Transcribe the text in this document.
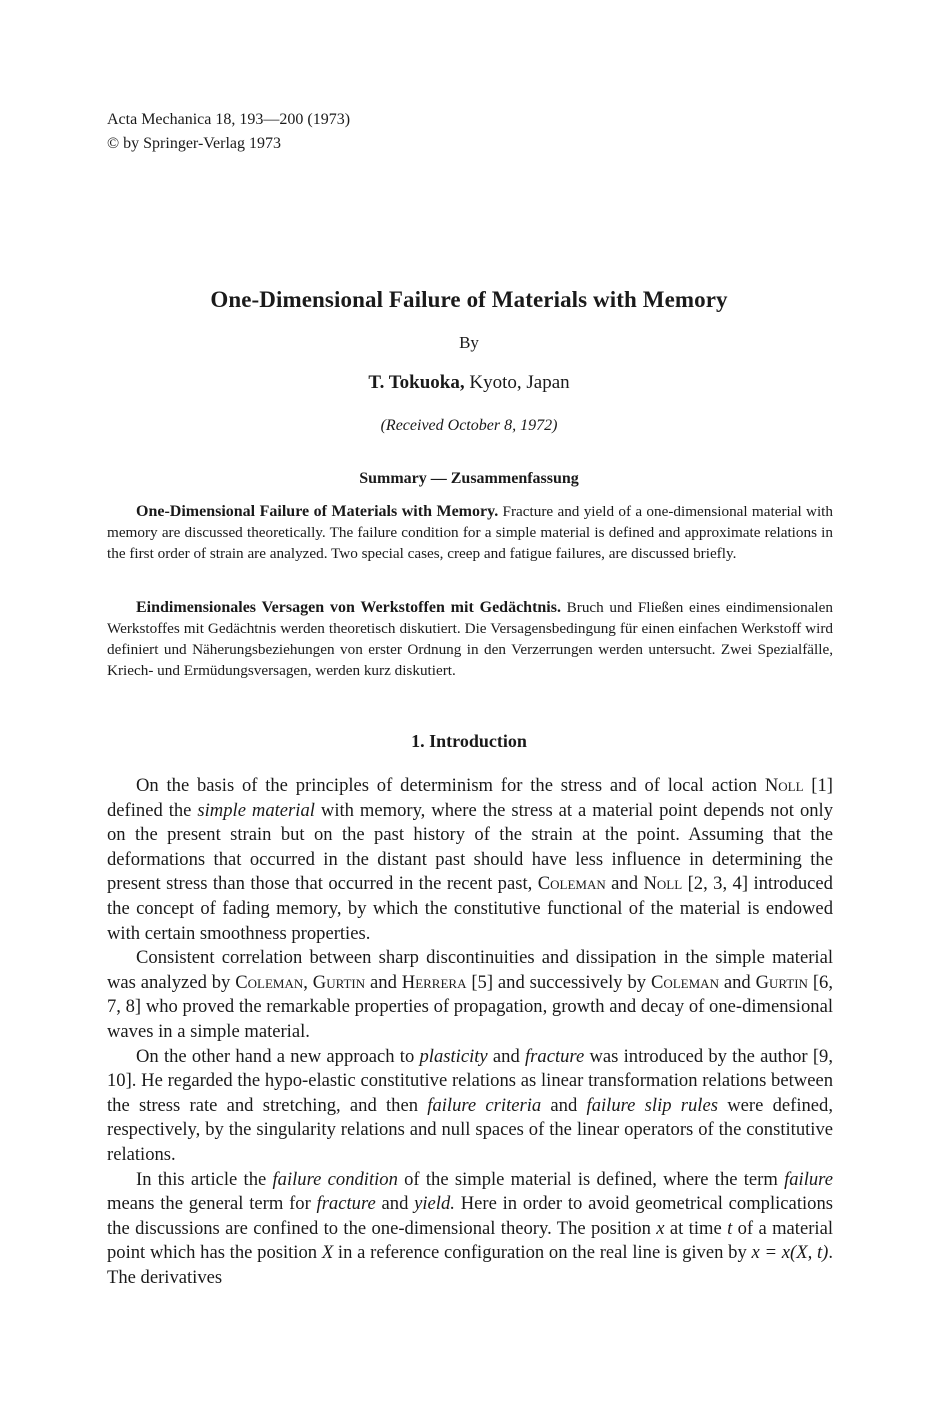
Acta Mechanica 18, 193—200 (1973)
© by Springer-Verlag 1973
One-Dimensional Failure of Materials with Memory
By
T. Tokuoka, Kyoto, Japan
(Received October 8, 1972)
Summary — Zusammenfassung

One-Dimensional Failure of Materials with Memory. Fracture and yield of a one-dimensional material with memory are discussed theoretically. The failure condition for a simple material is defined and approximate relations in the first order of strain are analyzed. Two special cases, creep and fatigue failures, are discussed briefly.

Eindimensionales Versagen von Werkstoffen mit Gedächtnis. Bruch und Fließen eines eindimensionalen Werkstoffes mit Gedächtnis werden theoretisch diskutiert. Die Versagensbedingung für einen einfachen Werkstoff wird definiert und Näherungsbeziehungen von erster Ordnung in den Verzerrungen werden untersucht. Zwei Spezialfälle, Kriech- und Ermüdungsversagen, werden kurz diskutiert.

1. Introduction

On the basis of the principles of determinism for the stress and of local action Noll [1] defined the simple material with memory, where the stress at a material point depends not only on the present strain but on the past history of the strain at the point. Assuming that the deformations that occurred in the distant past should have less influence in determining the present stress than those that occurred in the recent past, Coleman and Noll [2, 3, 4] introduced the concept of fading memory, by which the constitutive functional of the material is endowed with certain smoothness properties.

Consistent correlation between sharp discontinuities and dissipation in the simple material was analyzed by Coleman, Gurtin and Herrera [5] and successively by Coleman and Gurtin [6, 7, 8] who proved the remarkable properties of propagation, growth and decay of one-dimensional waves in a simple material.

On the other hand a new approach to plasticity and fracture was introduced by the author [9, 10]. He regarded the hypo-elastic constitutive relations as linear transformation relations between the stress rate and stretching, and then failure criteria and failure slip rules were defined, respectively, by the singularity relations and null spaces of the linear operators of the constitutive relations.

In this article the failure condition of the simple material is defined, where the term failure means the general term for fracture and yield. Here in order to avoid geometrical complications the discussions are confined to the one-dimensional theory. The position x at time t of a material point which has the position X in a reference configuration on the real line is given by x = x(X, t). The derivatives
